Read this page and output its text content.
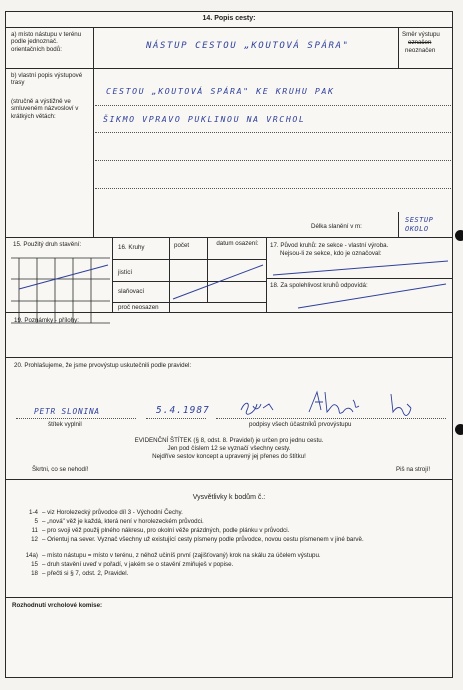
14. Popis cesty:
a) místo nástupu v terénu podle jednoznač. orientačních bodů:	NÁSTUP CESTOU „KOUTOVÁ SPÁRA"
Směr výstupu
označen
neoznačen
b) vlastní popis výstupové trasy
(stručně a výstižně ve smluveném názvosloví v krátkých větách:
CESTOU „KOUTOVÁ SPÁRA" KE KRUHU PAK
ŠIKMO VPRAVO PUKLINOU NA VRCHOL
Délka slanění v m:
SESTUP OKOLO
15. Použitý druh stavění:	16. Kruhy	počet	datum osazení:
jistící
slaňovací
proč neosazen
17. Původ kruhů: ze sekce - vlastní výroba.
Nejsou-li ze sekce, kdo je označoval:
18. Za spolehlivost kruhů odpovídá:
19. Poznámky - přílohy:
20. Prohlašujeme, že jsme prvovýstup uskutečnili podle pravidel:
PETR SLONINA	5.4.1987
štítek vyplnil	podpisy všech účastníků prvovýstupu
EVIDENČNÍ ŠTÍTEK (§ 8, odst. 8. Pravidel) je určen pro jednu cestu.
Jen pod číslem 12 se vyznačí všechny cesty.
Nejdříve sestov koncept a upravený jej přenes do štítku!
Škrtni, co se nehodí!	Piš na strojí!
Vysvětlivky k bodům č.:
1-4 – viz Horolezecký průvodce díl 3 - Východní Čechy.
5 – „nová" věž je každá, která není v horolezeckém průvodci.
11 – pro svoji věž použij plného nákresu, pro okolní věže prázdných, podle plánku v průvodci.
12 – Orientuj na sever. Vyznač všechny už existující cesty písmeny podle průvodce, novou cestu písmenem v jiné barvě.
14a) – místo nástupu = místo v terénu, z něhož učiníš první (zajišťovaný) krok na skálu za účelem výstupu.
15 – druh stavění uveď v pořadí, v jakém se o stavění zmiňuješ v popise.
18 – přečti si § 7, odst. 2, Pravidel.
Rozhodnutí vrcholové komise:
